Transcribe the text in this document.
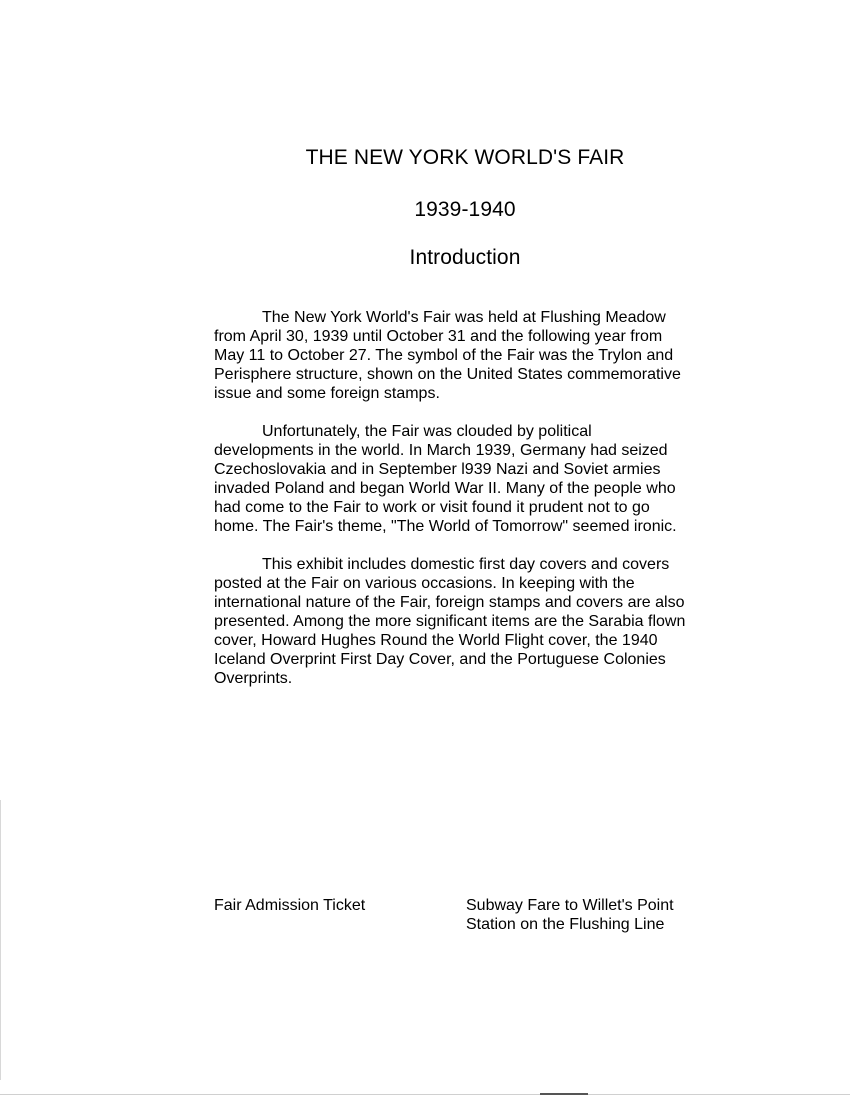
THE NEW YORK WORLD'S FAIR
1939-1940
Introduction

The New York World's Fair was held at Flushing Meadow
from April 30, 1939 until October 31 and the following year from
May 11 to October 27. The symbol of the Fair was the Trylon and
Perisphere structure, shown on the United States commemorative
issue and some foreign stamps.

Unfortunately, the Fair was clouded by political
developments in the world. In March 1939, Germany had seized
Czechoslovakia and in September l939 Nazi and Soviet armies
invaded Poland and began World War II. Many of the people who
had come to the Fair to work or visit found it prudent not to go
home. The Fair's theme, "The World of Tomorrow" seemed ironic.

This exhibit includes domestic first day covers and covers
posted at the Fair on various occasions. In keeping with the
international nature of the Fair, foreign stamps and covers are also
presented. Among the more significant items are the Sarabia flown
cover, Howard Hughes Round the World Flight cover, the 1940
Iceland Overprint First Day Cover, and the Portuguese Colonies
Overprints.

Fair Admission Ticket	Subway Fare to Willet's Point
Station on the Flushing Line
